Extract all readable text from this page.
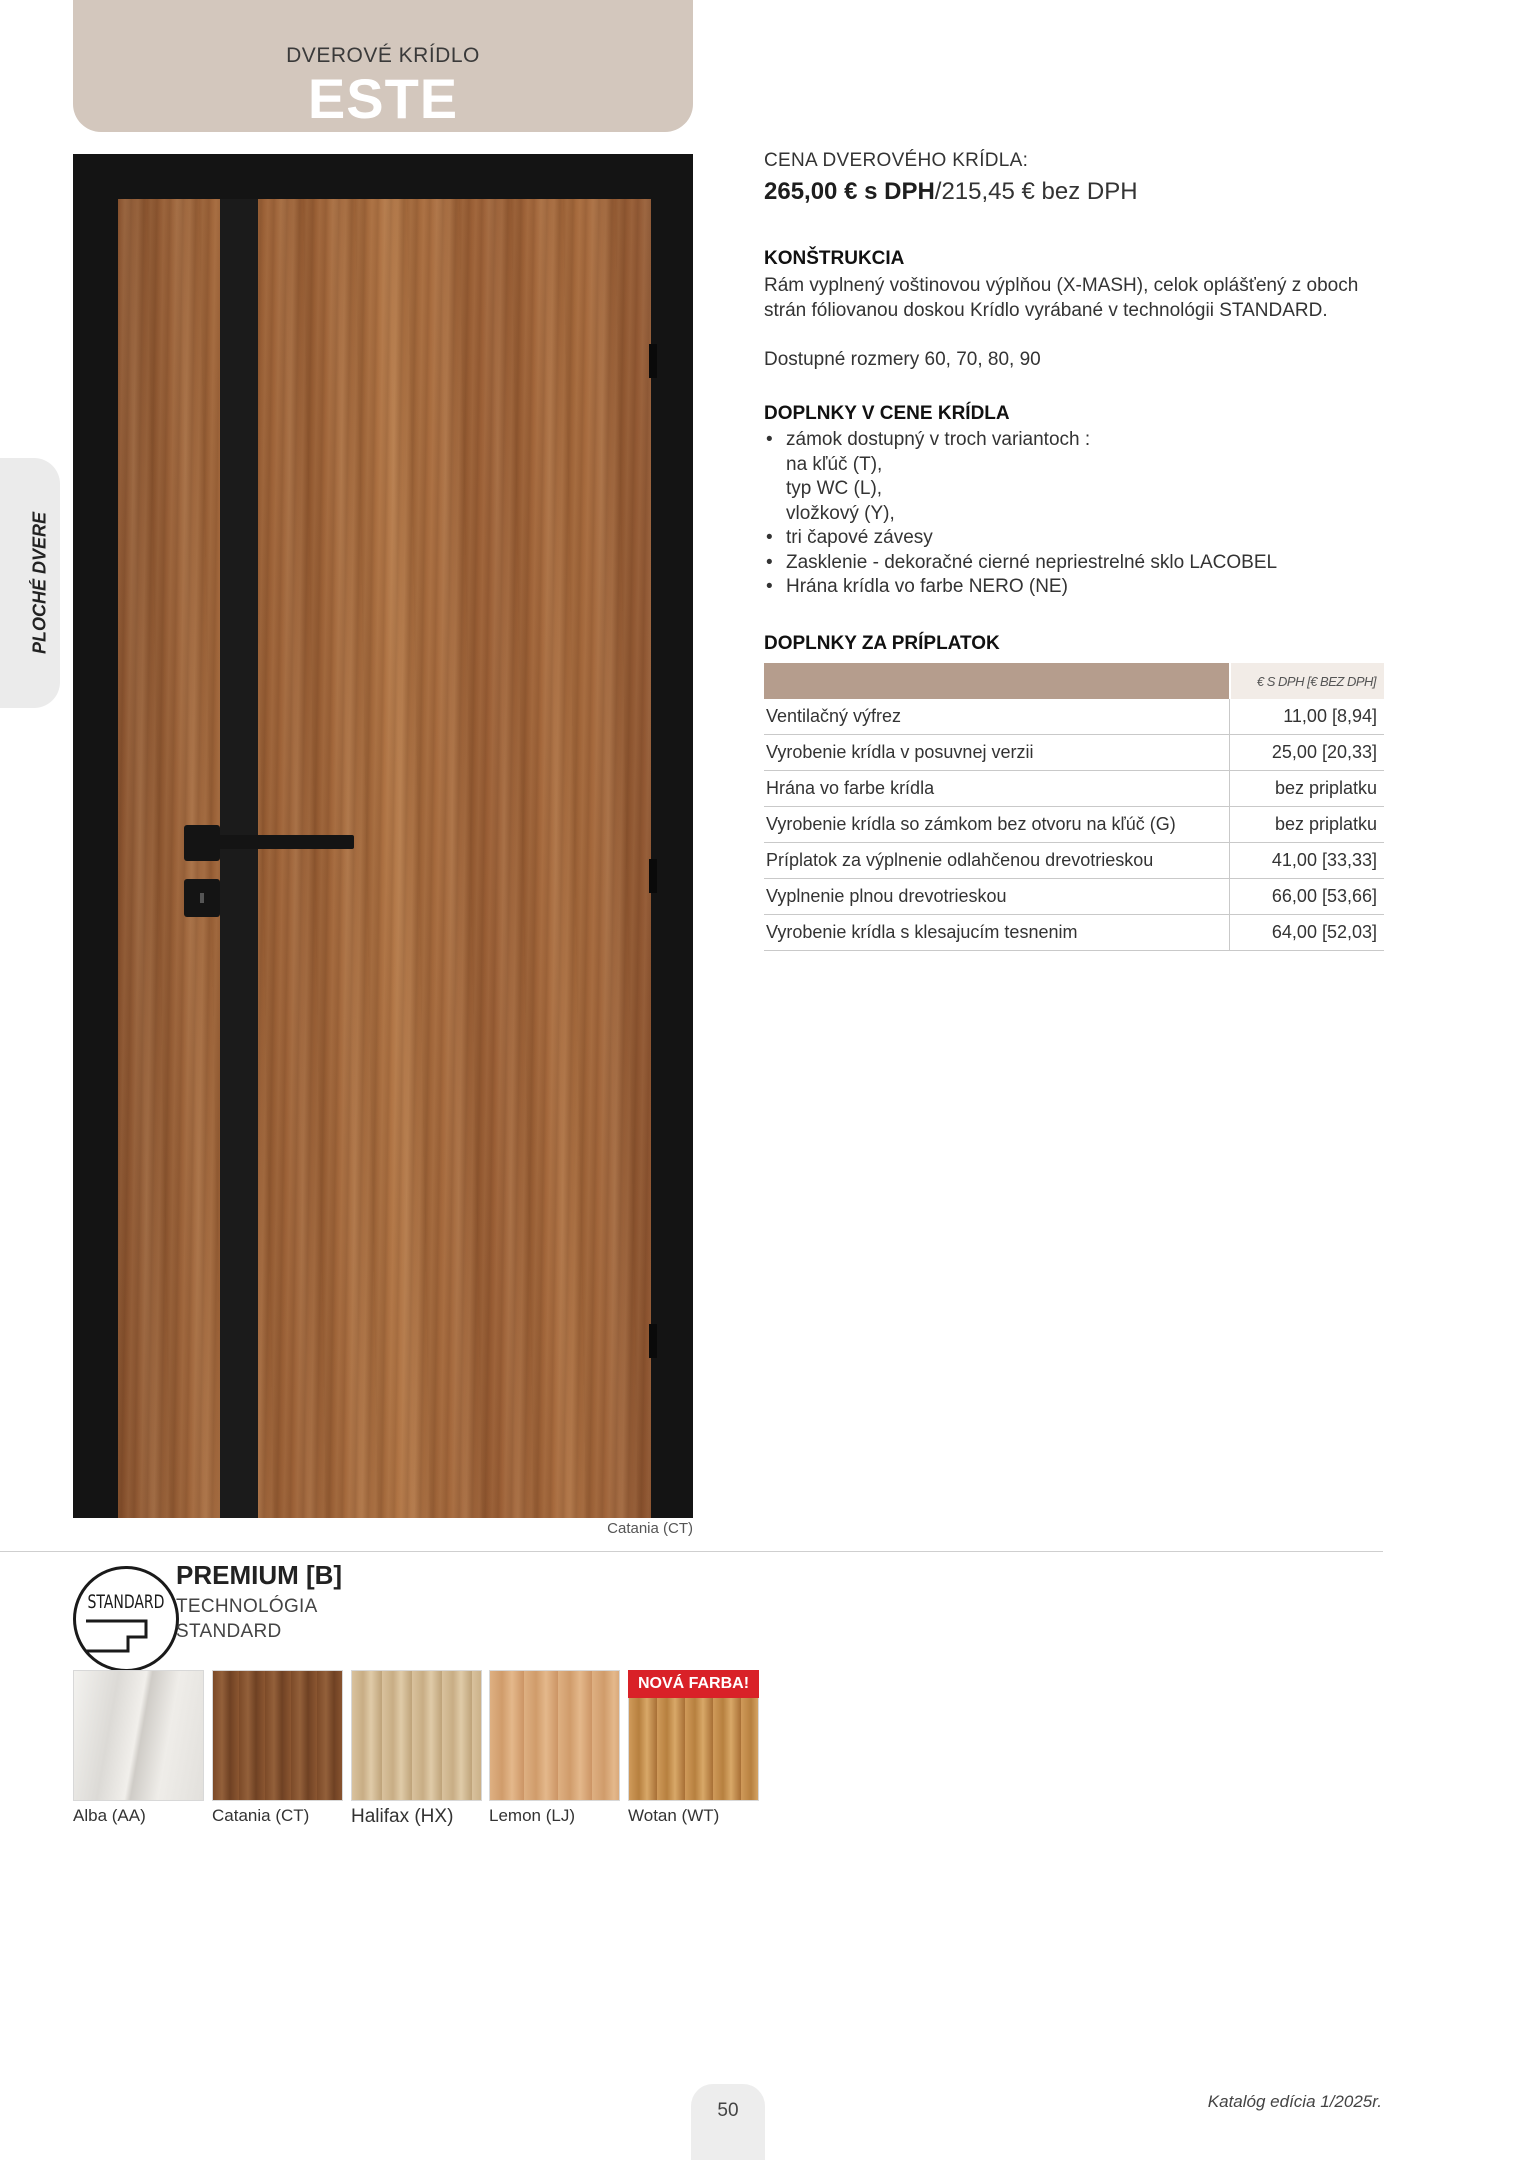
DVEROVÉ KRÍDLO
ESTE
PLOCHÉ DVERE
Catania (CT)
CENA DVEROVÉHO KRÍDLA:
265,00 € s DPH/215,45 € bez DPH
KONŠTRUKCIA
Rám vyplnený voštinovou výplňou (X-MASH), celok oplášťený z oboch strán fóliovanou doskou Krídlo vyrábané v technológii STANDARD.
Dostupné rozmery 60, 70, 80, 90
DOPLNKY V CENE KRÍDLA
• zámok dostupný v troch variantoch :
na kľúč (T),
typ WC (L),
vložkový (Y),
• tri čapové závesy
• Zasklenie - dekoračné cierné nepriestrelné sklo LACOBEL
• Hrána krídla vo farbe NERO (NE)
DOPLNKY ZA PRÍPLATOK
	€ S DPH [€ BEZ DPH]
Ventilačný výfrez	11,00 [8,94]
Vyrobenie krídla v posuvnej verzii	25,00 [20,33]
Hrána vo farbe krídla	bez priplatku
Vyrobenie krídla so zámkom bez otvoru na kľúč (G)	bez priplatku
Príplatok za výplnenie odlahčenou drevotrieskou	41,00 [33,33]
Vyplnenie plnou drevotrieskou	66,00 [53,66]
Vyrobenie krídla s klesajucím tesnenim	64,00 [52,03]
STANDARD
PREMIUM [B]
TECHNOLÓGIA
STANDARD
NOVÁ FARBA!
Alba (AA)	Catania (CT) Halifax (HX) Lemon (LJ)	Wotan (WT)
50	Katalóg edícia 1/2025r.
